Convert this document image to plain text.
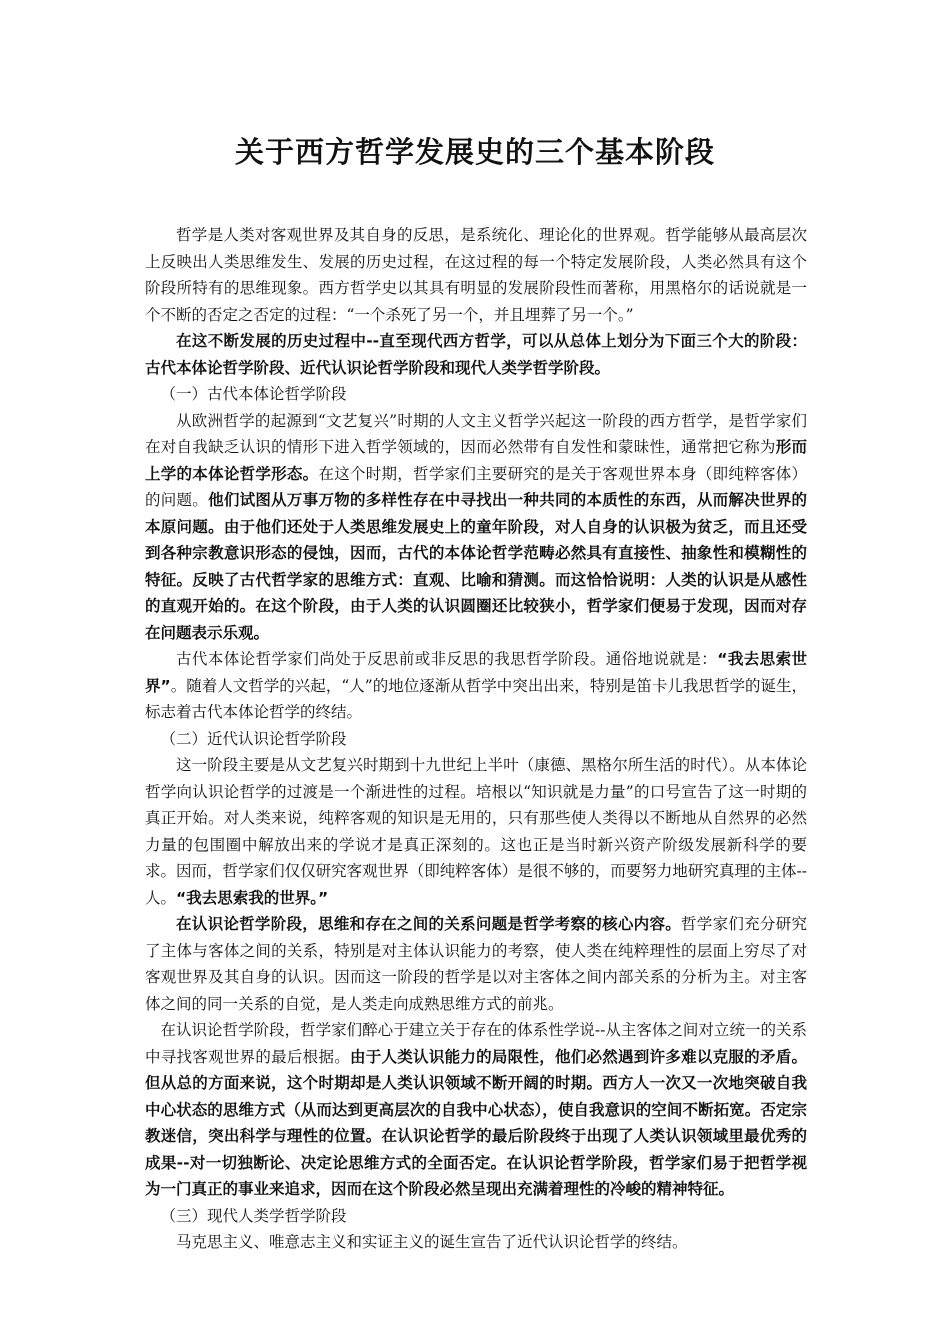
关于西方哲学发展史的三个基本阶段

哲学是人类对客观世界及其自身的反思，是系统化、理论化的世界观。哲学能够从最高层次上反映出人类思维发生、发展的历史过程，在这过程的每一个特定发展阶段，人类必然具有这个阶段所特有的思维现象。西方哲学史以其具有明显的发展阶段性而著称，用黑格尔的话说就是一个不断的否定之否定的过程：“一个杀死了另一个，并且埋葬了另一个。”

在这不断发展的历史过程中--直至现代西方哲学，可以从总体上划分为下面三个大的阶段：古代本体论哲学阶段、近代认识论哲学阶段和现代人类学哲学阶段。

（一）古代本体论哲学阶段

从欧洲哲学的起源到“文艺复兴”时期的人文主义哲学兴起这一阶段的西方哲学，是哲学家们在对自我缺乏认识的情形下进入哲学领域的，因而必然带有自发性和蒙昧性，通常把它称为形而上学的本体论哲学形态。在这个时期，哲学家们主要研究的是关于客观世界本身（即纯粹客体）的问题。他们试图从万事万物的多样性存在中寻找出一种共同的本质性的东西，从而解决世界的本原问题。由于他们还处于人类思维发展史上的童年阶段，对人自身的认识极为贫乏，而且还受到各种宗教意识形态的侵蚀，因而，古代的本体论哲学范畴必然具有直接性、抽象性和模糊性的特征。反映了古代哲学家的思维方式：直观、比喻和猜测。而这恰恰说明：人类的认识是从感性的直观开始的。在这个阶段，由于人类的认识圆圈还比较狭小，哲学家们便易于发现，因而对存在问题表示乐观。

古代本体论哲学家们尚处于反思前或非反思的我思哲学阶段。通俗地说就是：“我去思索世界”。随着人文哲学的兴起，“人”的地位逐渐从哲学中突出出来，特别是笛卡儿我思哲学的诞生，标志着古代本体论哲学的终结。

（二）近代认识论哲学阶段

这一阶段主要是从文艺复兴时期到十九世纪上半叶（康德、黑格尔所生活的时代）。从本体论哲学向认识论哲学的过渡是一个渐进性的过程。培根以“知识就是力量”的口号宣告了这一时期的真正开始。对人类来说，纯粹客观的知识是无用的，只有那些使人类得以不断地从自然界的必然力量的包围圈中解放出来的学说才是真正深刻的。这也正是当时新兴资产阶级发展新科学的要求。因而，哲学家们仅仅研究客观世界（即纯粹客体）是很不够的，而要努力地研究真理的主体--人。“我去思索我的世界。”

在认识论哲学阶段，思维和存在之间的关系问题是哲学考察的核心内容。哲学家们充分研究了主体与客体之间的关系，特别是对主体认识能力的考察，使人类在纯粹理性的层面上穷尽了对客观世界及其自身的认识。因而这一阶段的哲学是以对主客体之间内部关系的分析为主。对主客体之间的同一关系的自觉，是人类走向成熟思维方式的前兆。

在认识论哲学阶段，哲学家们醉心于建立关于存在的体系性学说--从主客体之间对立统一的关系中寻找客观世界的最后根据。由于人类认识能力的局限性，他们必然遇到许多难以克服的矛盾。但从总的方面来说，这个时期却是人类认识领域不断开阔的时期。西方人一次又一次地突破自我中心状态的思维方式（从而达到更高层次的自我中心状态），使自我意识的空间不断拓宽。否定宗教迷信，突出科学与理性的位置。在认识论哲学的最后阶段终于出现了人类认识领域里最优秀的成果--对一切独断论、决定论思维方式的全面否定。在认识论哲学阶段，哲学家们易于把哲学视为一门真正的事业来追求，因而在这个阶段必然呈现出充满着理性的冷峻的精神特征。

（三）现代人类学哲学阶段

马克思主义、唯意志主义和实证主义的诞生宣告了近代认识论哲学的终结。
